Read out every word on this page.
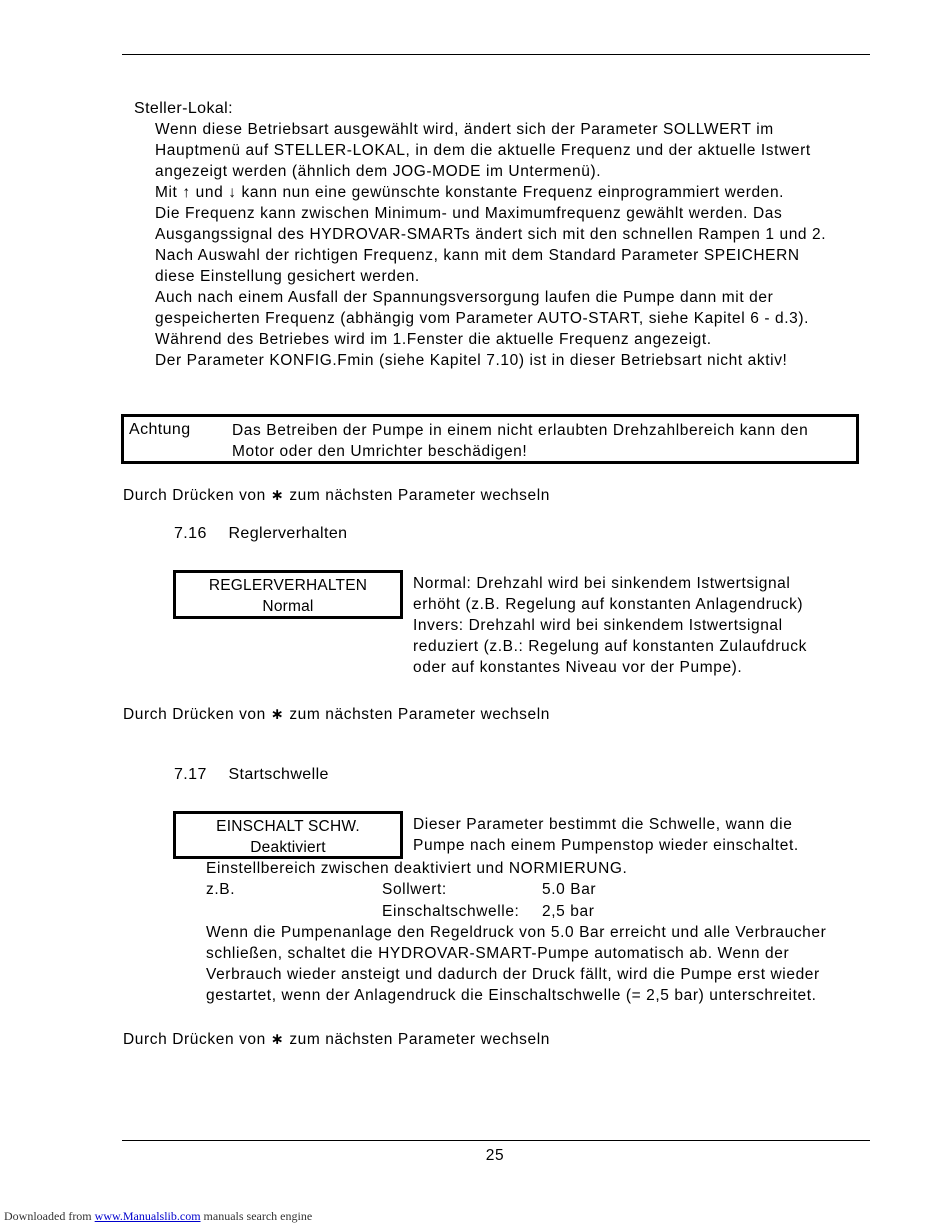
Steller-Lokal:
Wenn diese Betriebsart ausgewählt wird, ändert sich der Parameter SOLLWERT im
Hauptmenü auf STELLER-LOKAL, in dem die aktuelle Frequenz und der aktuelle Istwert
angezeigt werden (ähnlich dem JOG-MODE im Untermenü).
Mit ↑ und ↓ kann nun eine gewünschte konstante Frequenz einprogrammiert werden.
Die Frequenz kann zwischen Minimum- und Maximumfrequenz gewählt werden. Das
Ausgangssignal des HYDROVAR-SMARTs ändert sich mit den schnellen Rampen 1 und 2.
Nach Auswahl der richtigen Frequenz, kann mit dem Standard Parameter SPEICHERN
diese Einstellung gesichert werden.
Auch nach einem Ausfall der Spannungsversorgung laufen die Pumpe dann mit der
gespeicherten Frequenz (abhängig vom Parameter AUTO-START, siehe Kapitel 6 - d.3).
Während des Betriebes wird im 1.Fenster die aktuelle Frequenz angezeigt.
Der Parameter KONFIG.Fmin (siehe Kapitel 7.10) ist in dieser Betriebsart nicht aktiv!
Achtung	Das Betreiben der Pumpe in einem nicht erlaubten Drehzahlbereich kann den
Motor oder den Umrichter beschädigen!
Durch Drücken von ∗ zum nächsten Parameter wechseln
7.16 Reglerverhalten
REGLERVERHALTEN
Normal
Normal: Drehzahl wird bei sinkendem Istwertsignal
erhöht (z.B. Regelung auf konstanten Anlagendruck)
Invers: Drehzahl wird bei sinkendem Istwertsignal
reduziert (z.B.: Regelung auf konstanten Zulaufdruck
oder auf konstantes Niveau vor der Pumpe).
Durch Drücken von ∗ zum nächsten Parameter wechseln
7.17 Startschwelle
EINSCHALT SCHW.
Deaktiviert
Dieser Parameter bestimmt die Schwelle, wann die
Pumpe nach einem Pumpenstop wieder einschaltet.
Einstellbereich zwischen deaktiviert und NORMIERUNG.
z.B.	Sollwert:	5.0 Bar
Einschaltschwelle: 2,5 bar
Wenn die Pumpenanlage den Regeldruck von 5.0 Bar erreicht und alle Verbraucher
schließen, schaltet die HYDROVAR-SMART-Pumpe automatisch ab. Wenn der
Verbrauch wieder ansteigt und dadurch der Druck fällt, wird die Pumpe erst wieder
gestartet, wenn der Anlagendruck die Einschaltschwelle (= 2,5 bar) unterschreitet.
Durch Drücken von ∗ zum nächsten Parameter wechseln
25
Downloaded from www.Manualslib.com manuals search engine
